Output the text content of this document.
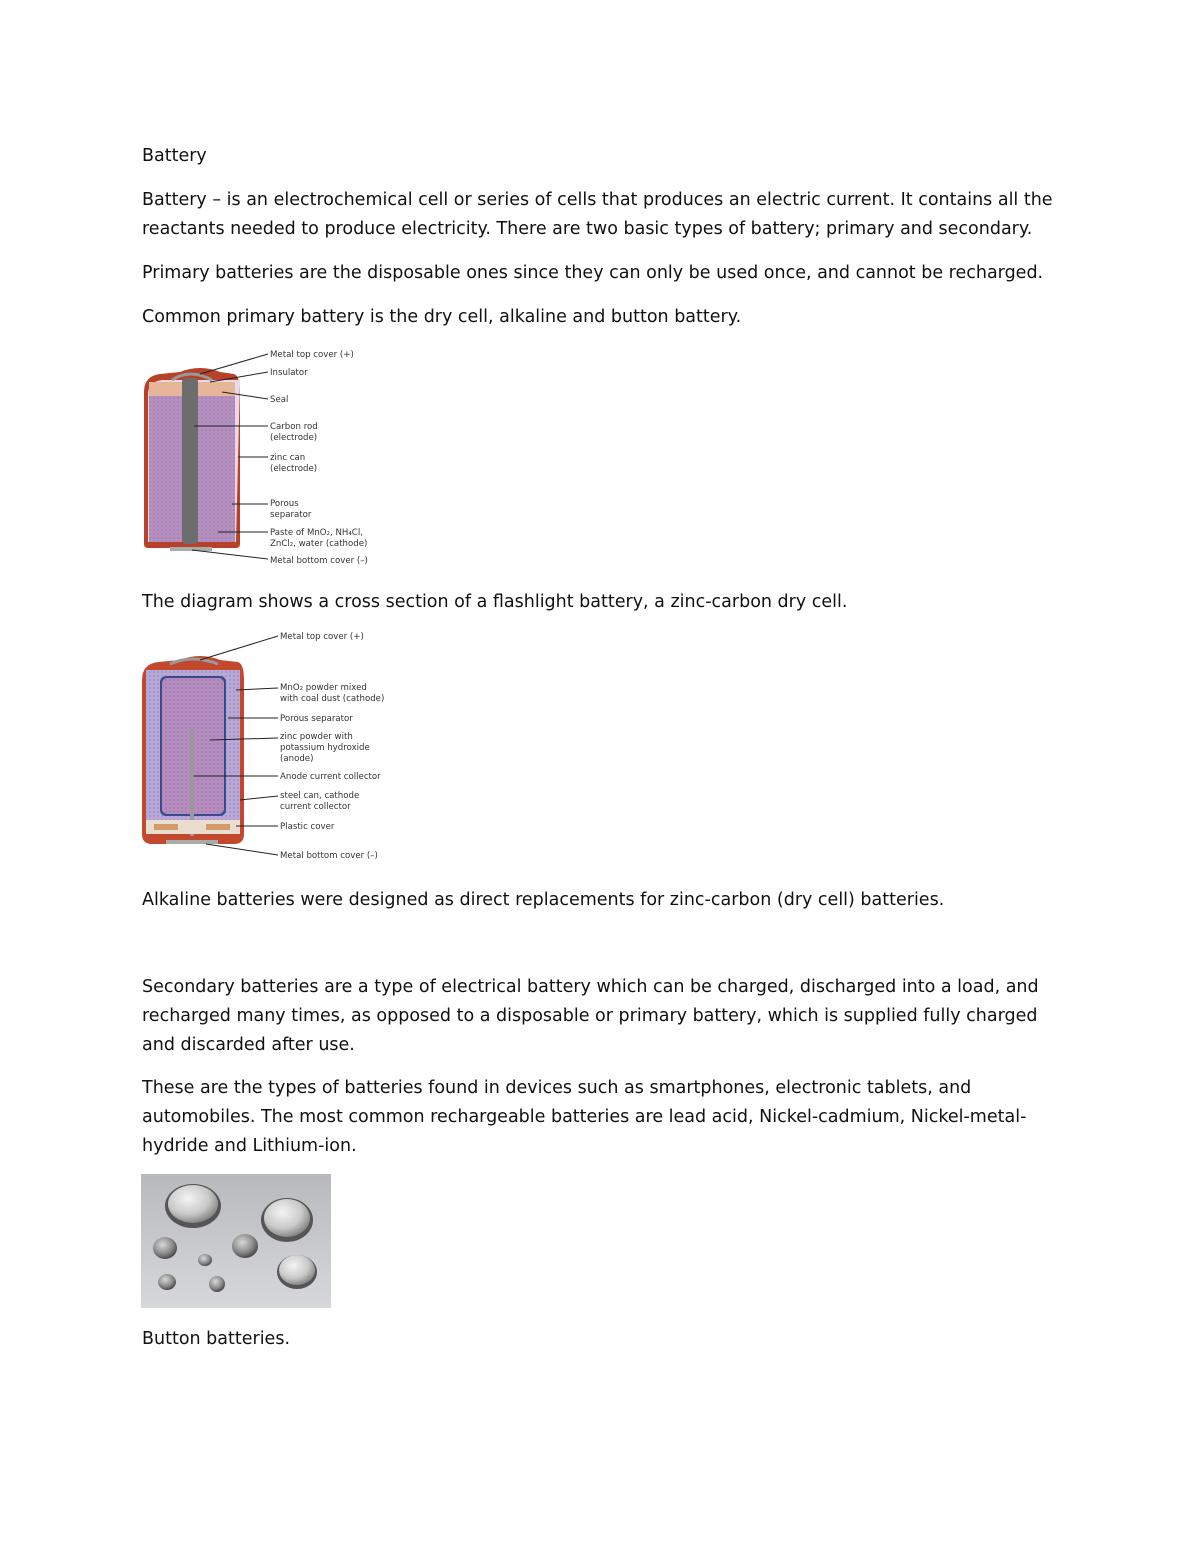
Battery

Battery – is an electrochemical cell or series of cells that produces an electric current. It contains all the reactants needed to produce electricity. There are two basic types of battery; primary and secondary.

Primary batteries are the disposable ones since they can only be used once, and cannot be recharged.

Common primary battery is the dry cell, alkaline and button battery.

Metal top cover (+)
Insulator
Seal
Carbon rod
(electrode)
zinc can
(electrode)
Porous
separator
Paste of MnO₂, NH₄Cl,
ZnCl₂, water (cathode)
Metal bottom cover (–)

The diagram shows a cross section of a flashlight battery, a zinc-carbon dry cell.

Metal top cover (+)
MnO₂ powder mixed
with coal dust (cathode)
Porous separator
zinc powder with
potassium hydroxide
(anode)
Anode current collector
steel can, cathode
current collector
Plastic cover
Metal bottom cover (–)

Alkaline batteries were designed as direct replacements for zinc-carbon (dry cell) batteries.

Secondary batteries are a type of electrical battery which can be charged, discharged into a load, and recharged many times, as opposed to a disposable or primary battery, which is supplied fully charged and discarded after use.

These are the types of batteries found in devices such as smartphones, electronic tablets, and automobiles. The most common rechargeable batteries are lead acid, Nickel-cadmium, Nickel-metal-hydride and Lithium-ion.

Button batteries.
